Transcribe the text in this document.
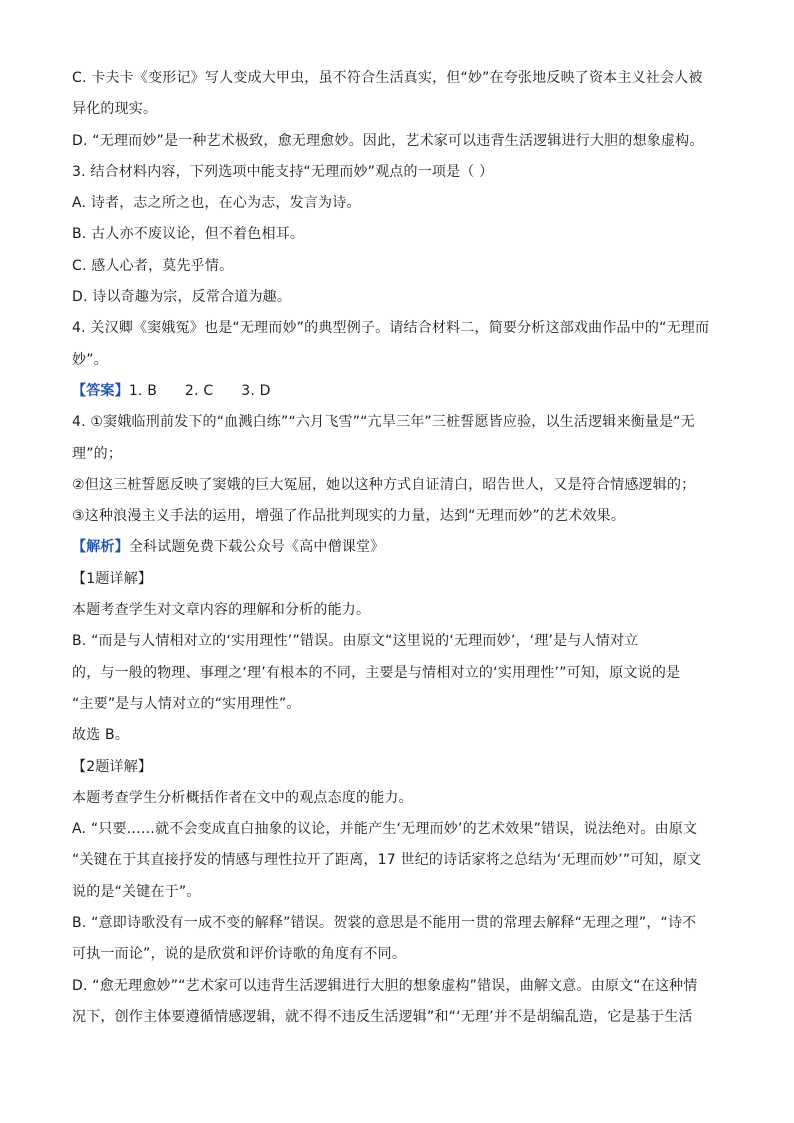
C. 卡夫卡《变形记》写人变成大甲虫，虽不符合生活真实，但“妙”在夸张地反映了资本主义社会人被
异化的现实。
D. “无理而妙”是一种艺术极致，愈无理愈妙。因此，艺术家可以违背生活逻辑进行大胆的想象虚构。
3. 结合材料内容，下列选项中能支持“无理而妙”观点的一项是（ ）
A. 诗者，志之所之也，在心为志，发言为诗。
B. 古人亦不废议论，但不着色相耳。
C. 感人心者，莫先乎情。
D. 诗以奇趣为宗，反常合道为趣。
4. 关汉卿《窦娥冤》也是“无理而妙”的典型例子。请结合材料二，简要分析这部戏曲作品中的“无理而
妙”。
【答案】1. B      2. C      3. D
4. ①窦娥临刑前发下的“血溅白练”“六月飞雪”“亢旱三年”三桩誓愿皆应验，以生活逻辑来衡量是“无
理”的；
②但这三桩誓愿反映了窦娥的巨大冤屈，她以这种方式自证清白，昭告世人，又是符合情感逻辑的；
③这种浪漫主义手法的运用，增强了作品批判现实的力量，达到“无理而妙”的艺术效果。
【解析】全科试题免费下载公众号《高中僧课堂》
【1题详解】
本题考查学生对文章内容的理解和分析的能力。
B. “而是与人情相对立的‘实用理性’”错误。由原文“这里说的‘无理而妙’，‘理’是与人情对立
的，与一般的物理、事理之‘理’有根本的不同，主要是与情相对立的‘实用理性’”可知，原文说的是
“主要”是与人情对立的“实用理性”。
故选 B。
【2题详解】
本题考查学生分析概括作者在文中的观点态度的能力。
A. “只要……就不会变成直白抽象的议论，并能产生‘无理而妙’的艺术效果”错误，说法绝对。由原文
“关键在于其直接抒发的情感与理性拉开了距离，17 世纪的诗话家将之总结为‘无理而妙’”可知，原文
说的是“关键在于”。
B. “意即诗歌没有一成不变的解释”错误。贺裳的意思是不能用一贯的常理去解释“无理之理”，“诗不
可执一而论”，说的是欣赏和评价诗歌的角度有不同。
D. “愈无理愈妙”“艺术家可以违背生活逻辑进行大胆的想象虚构”错误，曲解文意。由原文“在这种情
况下，创作主体要遵循情感逻辑，就不得不违反生活逻辑”和“‘无理’并不是胡编乱造，它是基于生活
